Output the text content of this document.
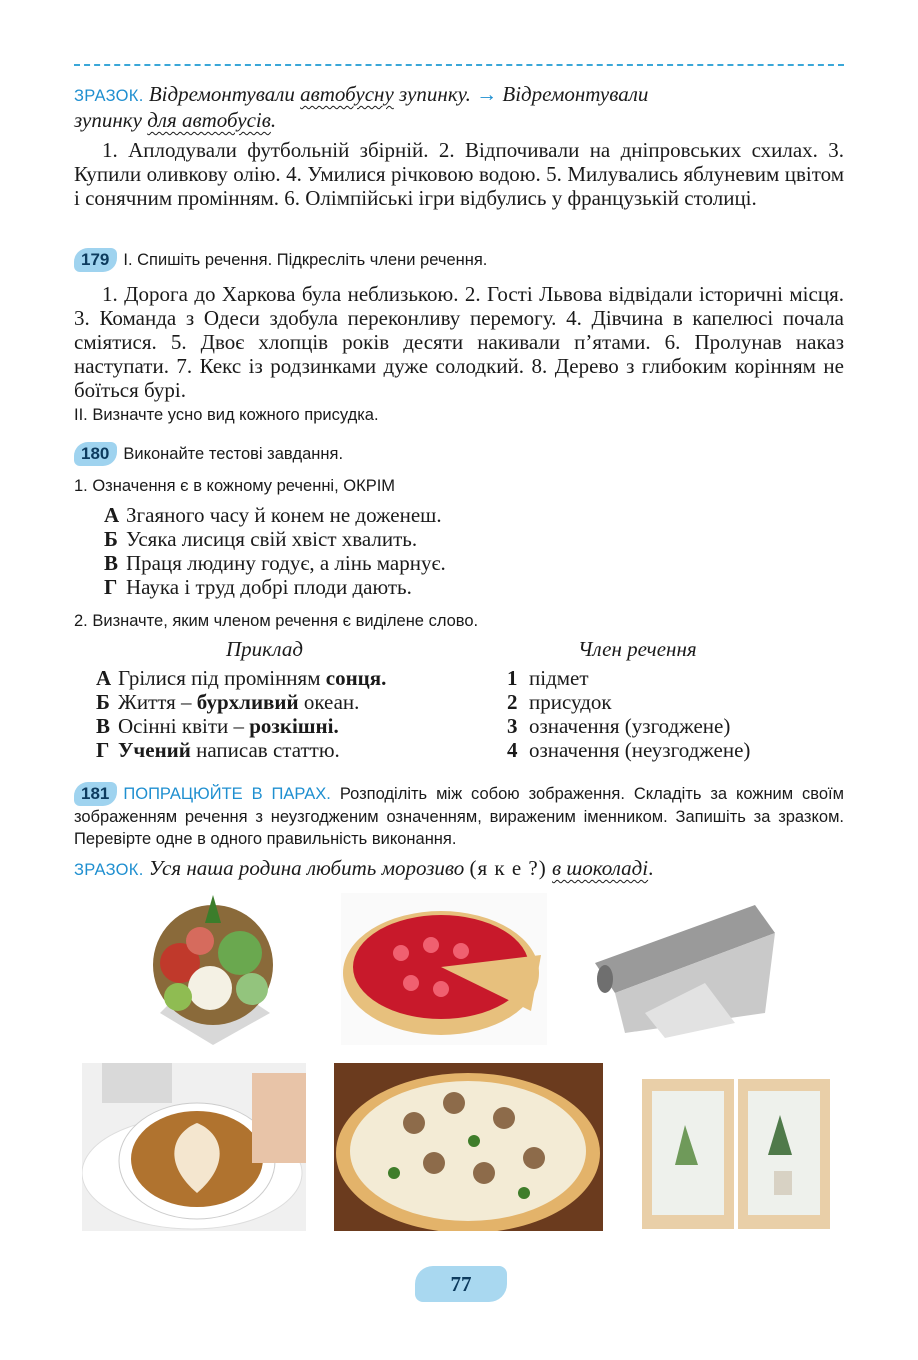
ЗРАЗОК. Відремонтували автобусну зупинку. → Відремонтували
зупинку для автобусів.
1. Аплодували футбольній збірній. 2. Відпочивали на дніпровських схилах. 3. Купили оливкову олію. 4. Умилися річковою водою. 5. Милувались яблуневим цвітом і сонячним промінням. 6. Олімпійські ігри відбулись у французькій столиці.
179 І. Спишіть речення. Підкресліть члени речення.
1. Дорога до Харкова була неблизькою. 2. Гості Львова відвідали історичні місця. 3. Команда з Одеси здобула переконливу перемогу. 4. Дівчина в капелюсі почала сміятися. 5. Двоє хлопців років десяти накивали п’ятами. 6. Пролунав наказ наступати. 7. Кекс із родзинками дуже солодкий. 8. Дерево з глибоким корінням не боїться бурі.
ІІ. Визначте усно вид кожного присудка.
180 Виконайте тестові завдання.
1. Означення є в кожному реченні, ОКРІМ
А Згаяного часу й конем не доженеш.
Б Усяка лисиця свій хвіст хвалить.
В Праця людину годує, а лінь марнує.
Г Наука і труд добрі плоди дають.
2. Визначте, яким членом речення є виділене слово.
Приклад	Член речення
А Грілися під промінням сонця.
Б Життя – бурхливий океан.
В Осінні квіти – розкішні.
Г Учений написав статтю.
1 підмет
2 присудок
3 означення (узгоджене)
4 означення (неузгоджене)
181 ПОПРАЦЮЙТЕ В ПАРАХ. Розподіліть між собою зображення. Складіть за кожним своїм зображенням речення з неузгодженим означенням, вираженим іменником. Запишіть за зразком. Перевірте одне в одного правильність виконання.
ЗРАЗОК. Уся наша родина любить морозиво (я к е ?) в шоколаді.
77
